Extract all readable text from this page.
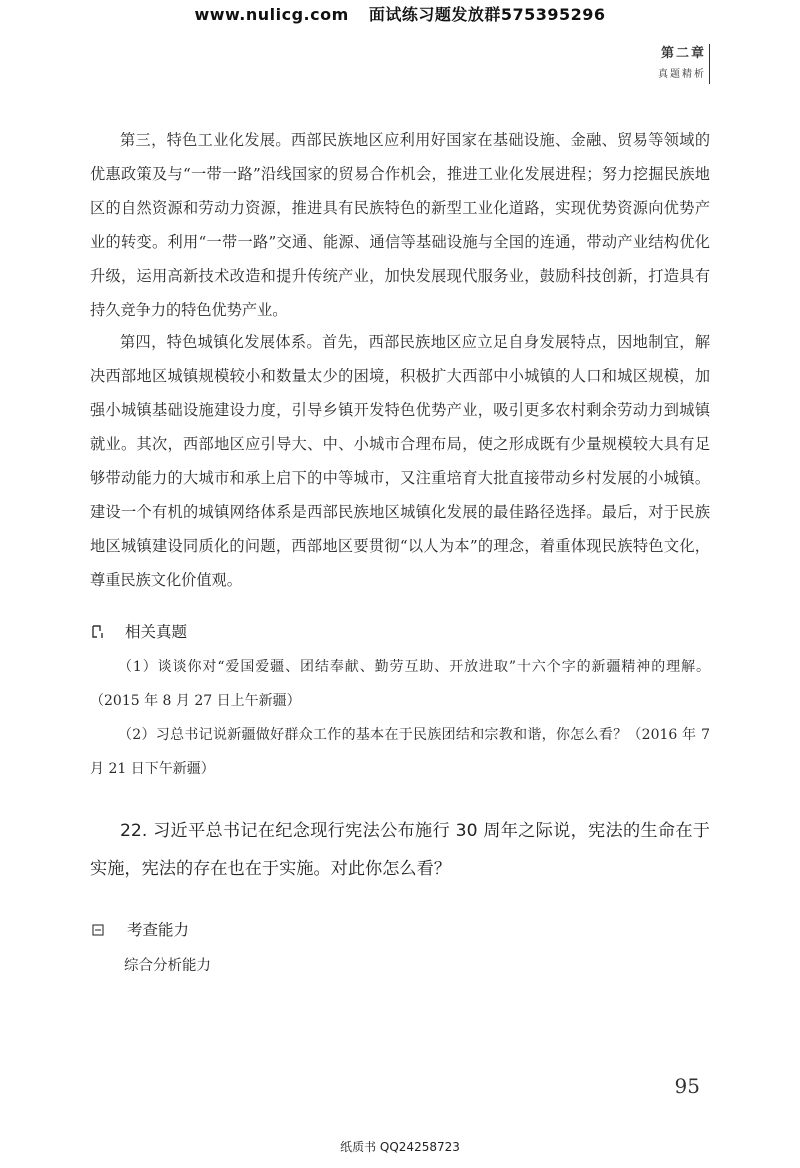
www.nulicg.com 面试练习题发放群575395296
第二章
真题精析

第三，特色工业化发展。西部民族地区应利用好国家在基础设施、金融、贸易等领域的优惠政策及与“一带一路”沿线国家的贸易合作机会，推进工业化发展进程；努力挖掘民族地区的自然资源和劳动力资源，推进具有民族特色的新型工业化道路，实现优势资源向优势产业的转变。利用“一带一路”交通、能源、通信等基础设施与全国的连通，带动产业结构优化升级，运用高新技术改造和提升传统产业，加快发展现代服务业，鼓励科技创新，打造具有持久竞争力的特色优势产业。

第四，特色城镇化发展体系。首先，西部民族地区应立足自身发展特点，因地制宜，解决西部地区城镇规模较小和数量太少的困境，积极扩大西部中小城镇的人口和城区规模，加强小城镇基础设施建设力度，引导乡镇开发特色优势产业，吸引更多农村剩余劳动力到城镇就业。其次，西部地区应引导大、中、小城市合理布局，使之形成既有少量规模较大具有足够带动能力的大城市和承上启下的中等城市，又注重培育大批直接带动乡村发展的小城镇。建设一个有机的城镇网络体系是西部民族地区城镇化发展的最佳路径选择。最后，对于民族地区城镇建设同质化的问题，西部地区要贯彻“以人为本”的理念，着重体现民族特色文化，尊重民族文化价值观。

相关真题
（1）谈谈你对“爱国爱疆、团结奉献、勤劳互助、开放进取”十六个字的新疆精神的理解。（2015 年 8 月 27 日上午新疆）
（2）习总书记说新疆做好群众工作的基本在于民族团结和宗教和谐，你怎么看？（2016 年 7 月 21 日下午新疆）

22. 习近平总书记在纪念现行宪法公布施行 30 周年之际说，宪法的生命在于实施，宪法的存在也在于实施。对此你怎么看？

考查能力
综合分析能力
95
纸质书 QQ24258723
